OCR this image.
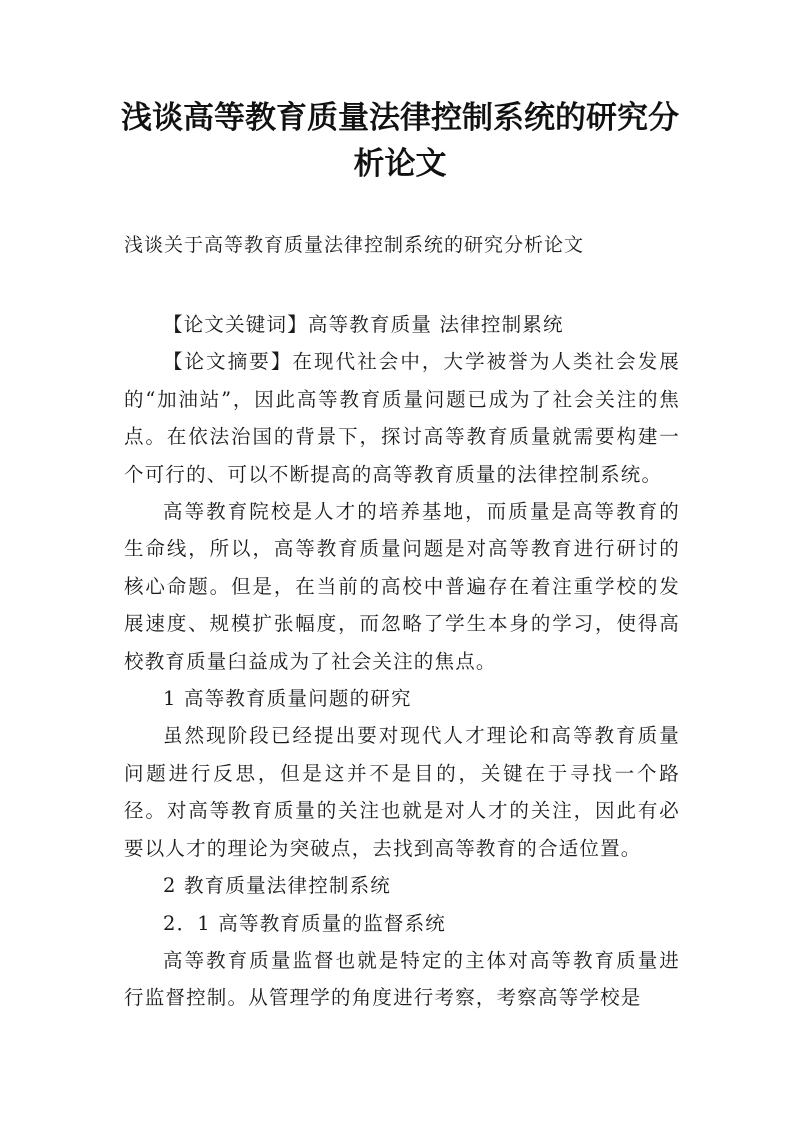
浅谈高等教育质量法律控制系统的研究分析论文
浅谈关于高等教育质量法律控制系统的研究分析论文

【论文关键词】高等教育质量 法律控制累统

【论文摘要】在现代社会中，大学被誉为人类社会发展的“加油站”，因此高等教育质量问题已成为了社会关注的焦点。在依法治国的背景下，探讨高等教育质量就需要构建一个可行的、可以不断提高的高等教育质量的法律控制系统。

高等教育院校是人才的培养基地，而质量是高等教育的生命线，所以，高等教育质量问题是对高等教育进行研讨的核心命题。但是，在当前的高校中普遍存在着注重学校的发展速度、规模扩张幅度，而忽略了学生本身的学习，使得高校教育质量臼益成为了社会关注的焦点。

1 高等教育质量问题的研究

虽然现阶段已经提出要对现代人才理论和高等教育质量问题进行反思，但是这并不是目的，关键在于寻找一个路径。对高等教育质量的关注也就是对人才的关注，因此有必要以人才的理论为突破点，去找到高等教育的合适位置。

2 教育质量法律控制系统

2．1 高等教育质量的监督系统

高等教育质量监督也就是特定的主体对高等教育质量进行监督控制。从管理学的角度进行考察，考察高等学校是
